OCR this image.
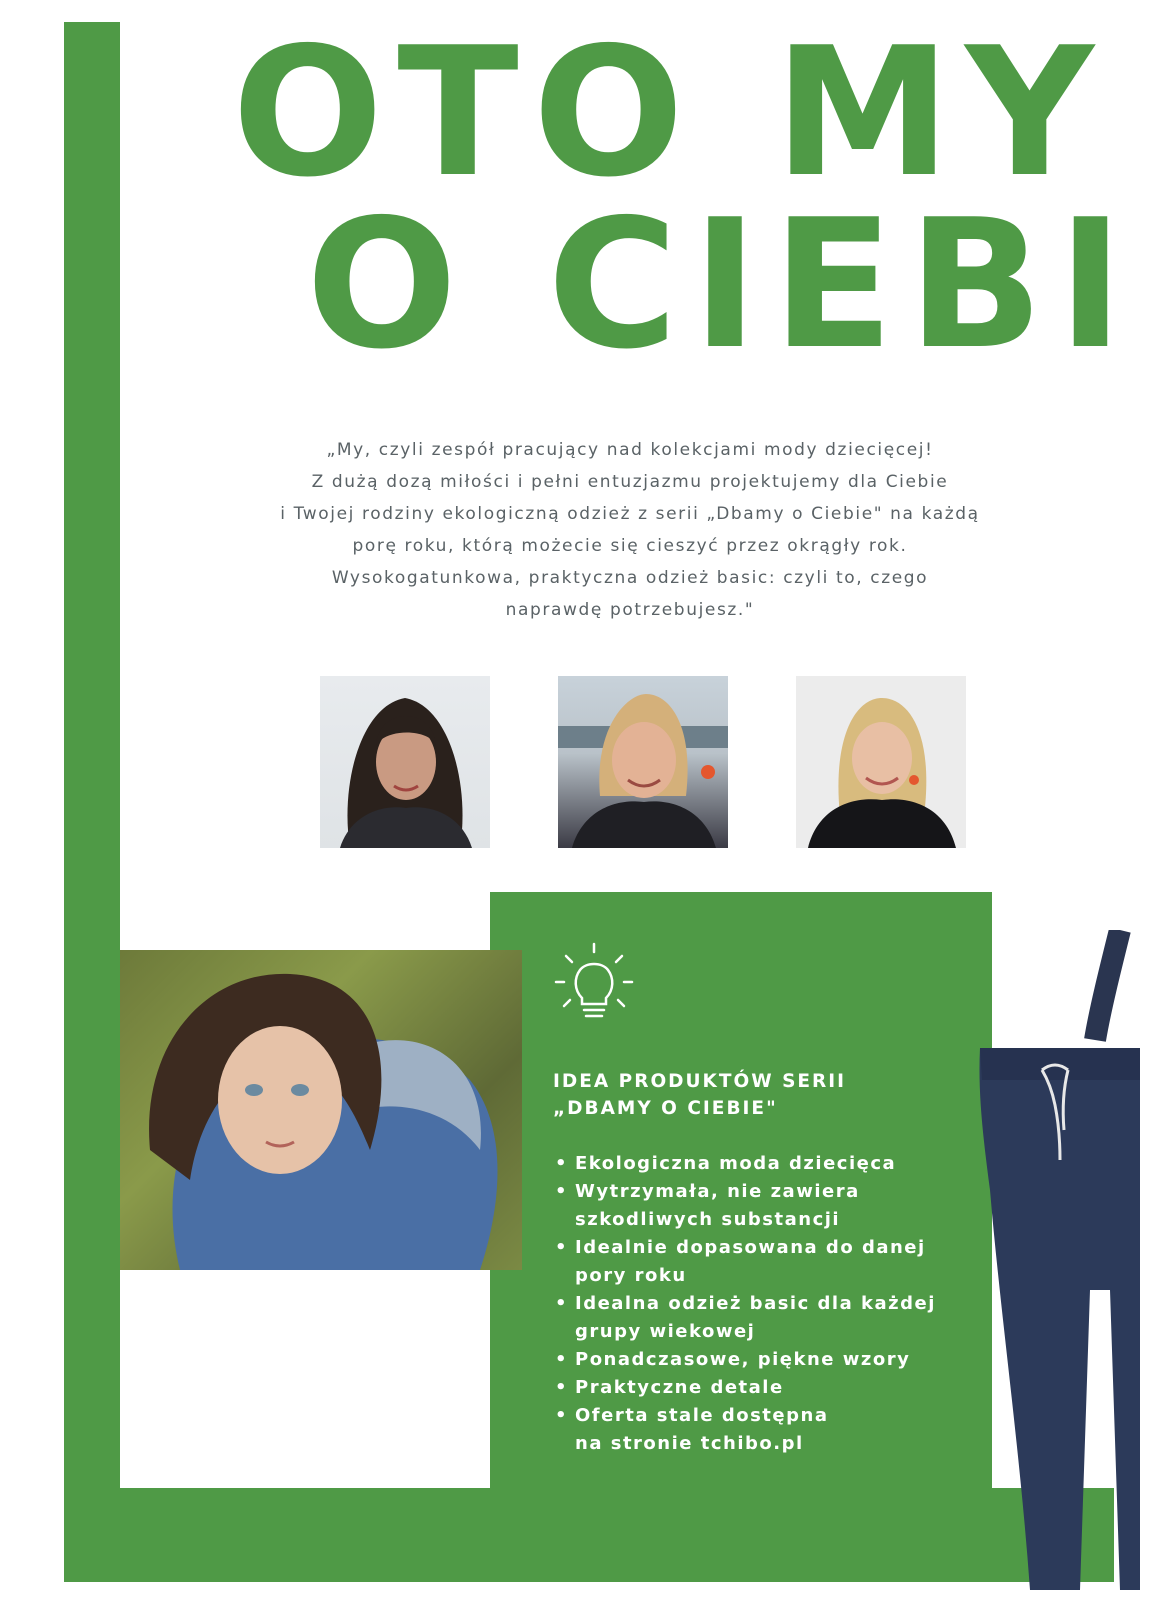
OTO MY
O CIEBI
„My, czyli zespół pracujący nad kolekcjami mody dziecięcej!
Z dużą dozą miłości i pełni entuzjazmu projektujemy dla Ciebie
i Twojej rodziny ekologiczną odzież z serii „Dbamy o Ciebie" na każdą
porę roku, którą możecie się cieszyć przez okrągły rok.
Wysokogatunkowa, praktyczna odzież basic: czyli to, czego
naprawdę potrzebujesz."
IDEA PRODUKTÓW SERII
„DBAMY O CIEBIE"
• Ekologiczna moda dziecięca
• Wytrzymała, nie zawiera
szkodliwych substancji
• Idealnie dopasowana do danej
pory roku
• Idealna odzież basic dla każdej
grupy wiekowej
• Ponadczasowe, piękne wzory
• Praktyczne detale
• Oferta stale dostępna
na stronie tchibo.pl
